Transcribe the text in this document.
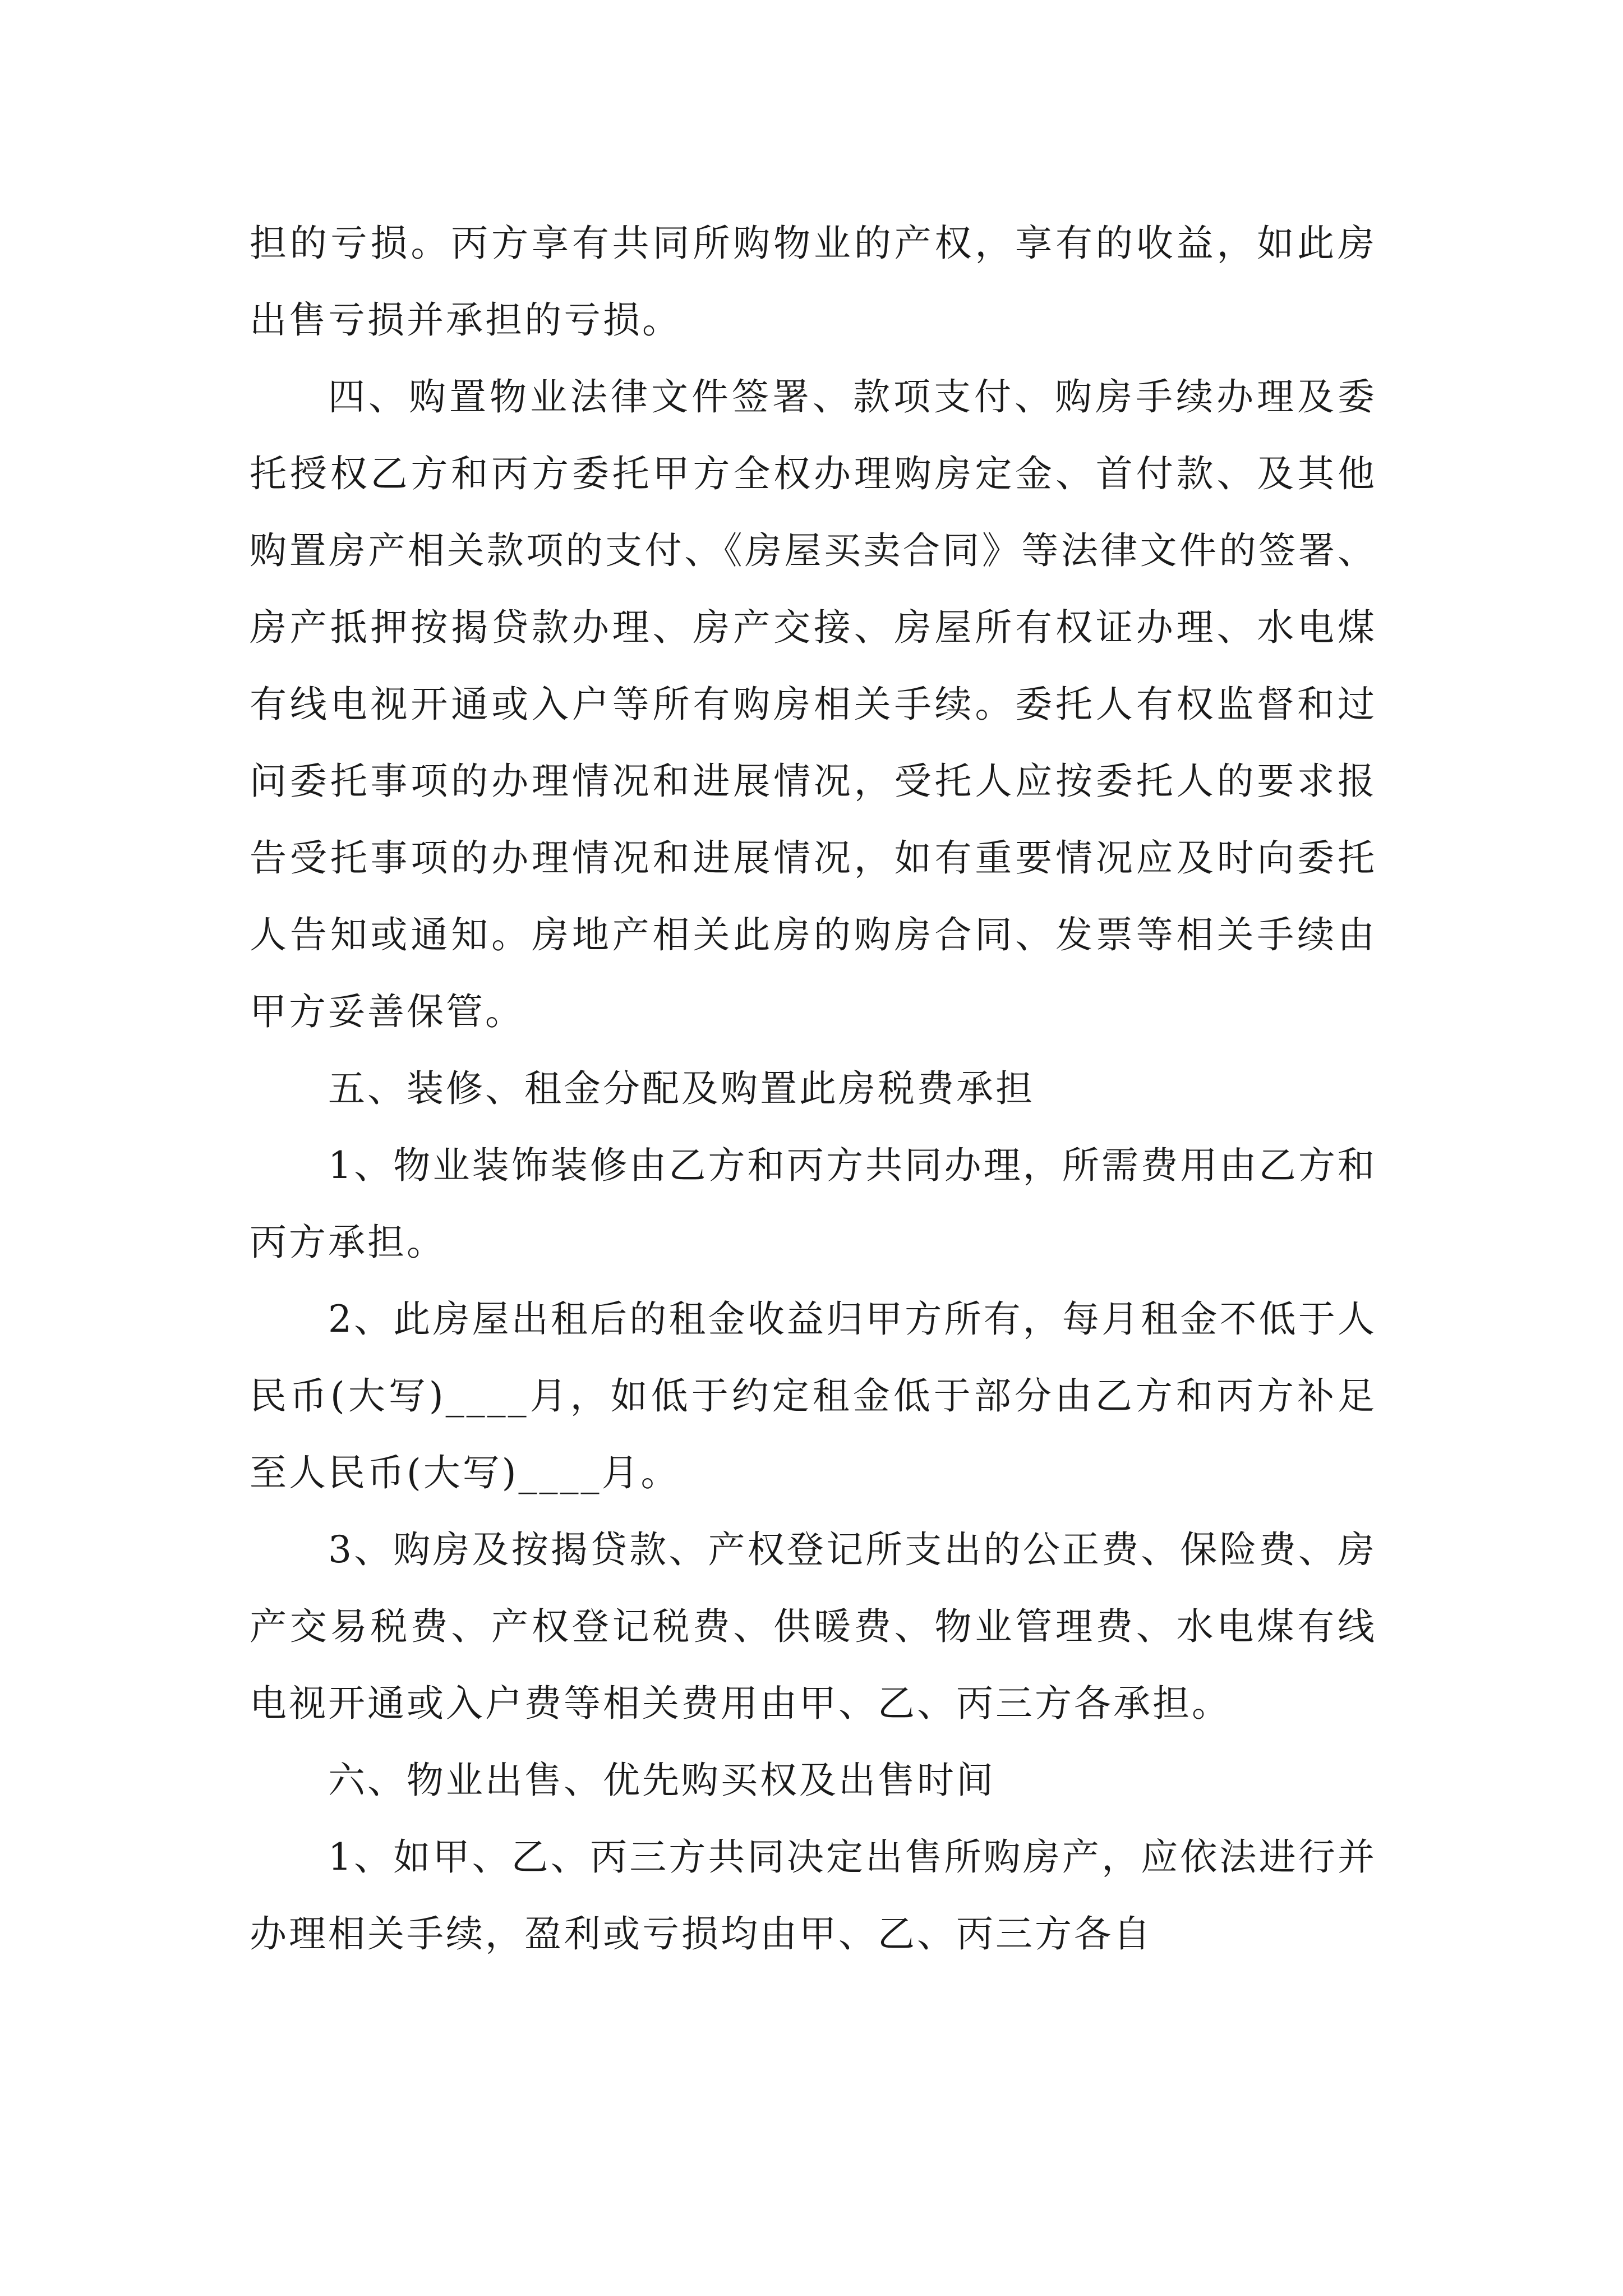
担的亏损。丙方享有共同所购物业的产权，享有的收益，如此房出售亏损并承担的亏损。

四、购置物业法律文件签署、款项支付、购房手续办理及委托授权乙方和丙方委托甲方全权办理购房定金、首付款、及其他购置房产相关款项的支付、《房屋买卖合同》等法律文件的签署、房产抵押按揭贷款办理、房产交接、房屋所有权证办理、水电煤有线电视开通或入户等所有购房相关手续。委托人有权监督和过问委托事项的办理情况和进展情况，受托人应按委托人的要求报告受托事项的办理情况和进展情况，如有重要情况应及时向委托人告知或通知。房地产相关此房的购房合同、发票等相关手续由甲方妥善保管。

五、装修、租金分配及购置此房税费承担

1、物业装饰装修由乙方和丙方共同办理，所需费用由乙方和丙方承担。

2、此房屋出租后的租金收益归甲方所有，每月租金不低于人民币(大写)____月，如低于约定租金低于部分由乙方和丙方补足至人民币(大写)____月。

3、购房及按揭贷款、产权登记所支出的公正费、保险费、房产交易税费、产权登记税费、供暖费、物业管理费、水电煤有线电视开通或入户费等相关费用由甲、乙、丙三方各承担。

六、物业出售、优先购买权及出售时间

1、如甲、乙、丙三方共同决定出售所购房产，应依法进行并办理相关手续，盈利或亏损均由甲、乙、丙三方各自
